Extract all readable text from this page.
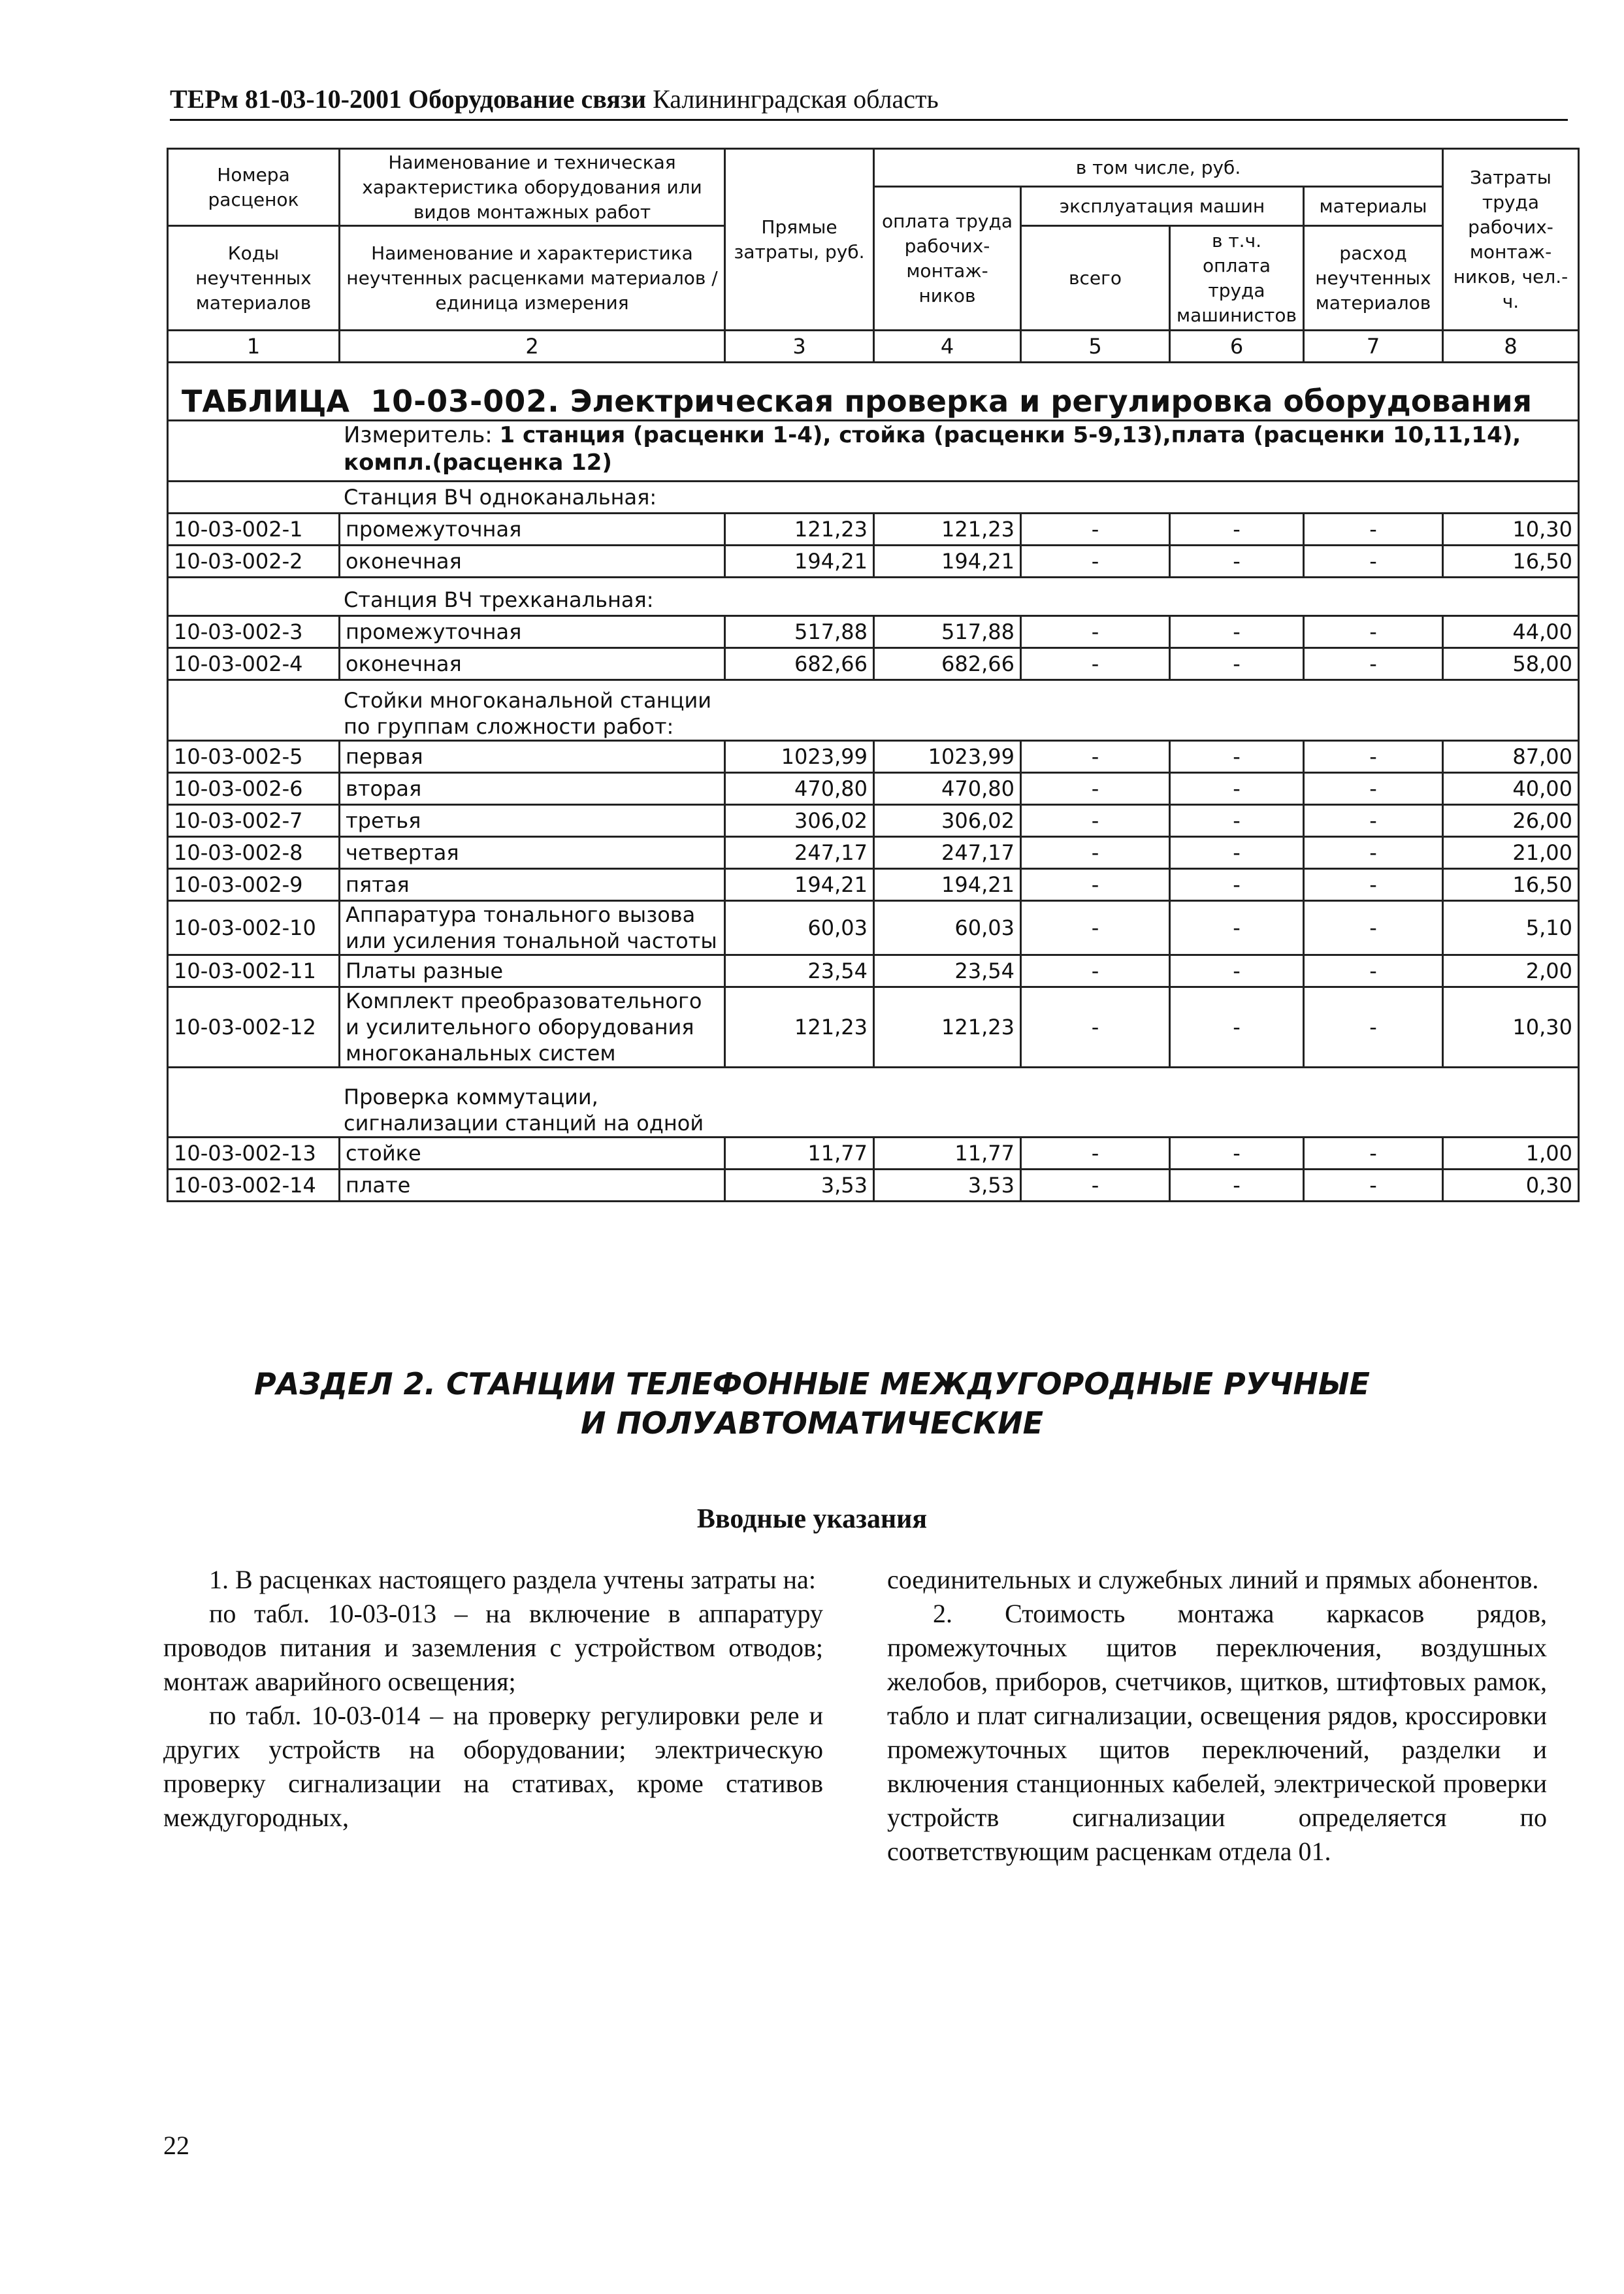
ТЕРм 81-03-10-2001 Оборудование связи Калининградская область
Номера расценок	Наименование и техническая характеристика оборудования или видов монтажных работ	Прямые затраты, руб.	в том числе, руб.				Затраты труда рабочих-монтаж-ников, чел.-ч.
			оплата труда рабочих-монтаж-ников	эксплуатация машин		материалы	
Коды неучтенных материалов	Наименование и характеристика неучтенных расценками материалов / единица измерения			всего	в т.ч. оплата труда машинистов	расход неучтенных материалов	
1	2	3	4	5	6	7	8
ТАБЛИЦА 10-03-002. Электрическая проверка и регулировка оборудования							
Измеритель: 1 станция (расценки 1-4), стойка (расценки 5-9,13),плата (расценки 10,11,14), компл.(расценка 12)							
Станция ВЧ одноканальная:							
10-03-002-1	промежуточная	121,23	121,23	-	-	-	10,30
10-03-002-2	оконечная	194,21	194,21	-	-	-	16,50
Станция ВЧ трехканальная:							
10-03-002-3	промежуточная	517,88	517,88	-	-	-	44,00
10-03-002-4	оконечная	682,66	682,66	-	-	-	58,00

Стойки многоканальной станции по группам сложности работ:							

10-03-002-5	первая	1023,99	1023,99	-	-	-	87,00
10-03-002-6	вторая	470,80	470,80	-	-	-	40,00
10-03-002-7	третья	306,02	306,02	-	-	-	26,00
10-03-002-8	четвертая	247,17	247,17	-	-	-	21,00
10-03-002-9	пятая	194,21	194,21	-	-	-	16,50
10-03-002-10	Аппаратура тонального вызова или усиления тональной частоты	60,03	60,03	-	-	-	5,10
10-03-002-11	Платы разные	23,54	23,54	-	-	-	2,00
10-03-002-12	Комплект преобразовательного и усилительного оборудования многоканальных систем	121,23	121,23	-	-	-	10,30

Проверка коммутации, сигнализации станций на одной							

10-03-002-13	стойке	11,77	11,77	-	-	-	1,00
10-03-002-14	плате	3,53	3,53	-	-	-	0,30
РАЗДЕЛ 2. СТАНЦИИ ТЕЛЕФОННЫЕ МЕЖДУГОРОДНЫЕ РУЧНЫЕ
И ПОЛУАВТОМАТИЧЕСКИЕ
Вводные указания

1. В расценках настоящего раздела учтены затраты на:

по табл. 10-03-013 – на включение в аппаратуру проводов питания и заземления с устройством отводов; монтаж аварийного освещения;

по табл. 10-03-014 – на проверку регулировки реле и других устройств на оборудовании; электрическую проверку сигнализации на стативах, кроме стативов междугородных,

соединительных и служебных линий и прямых абонентов.

2. Стоимость монтажа каркасов рядов, промежуточных щитов переключения, воздушных желобов, приборов, счетчиков, щитков, штифтовых рамок, табло и плат сигнализации, освещения рядов, кроссировки промежуточных щитов переключений, разделки и включения станционных кабелей, электрической проверки устройств сигнализации определяется по соответствующим расценкам отдела 01.

22
